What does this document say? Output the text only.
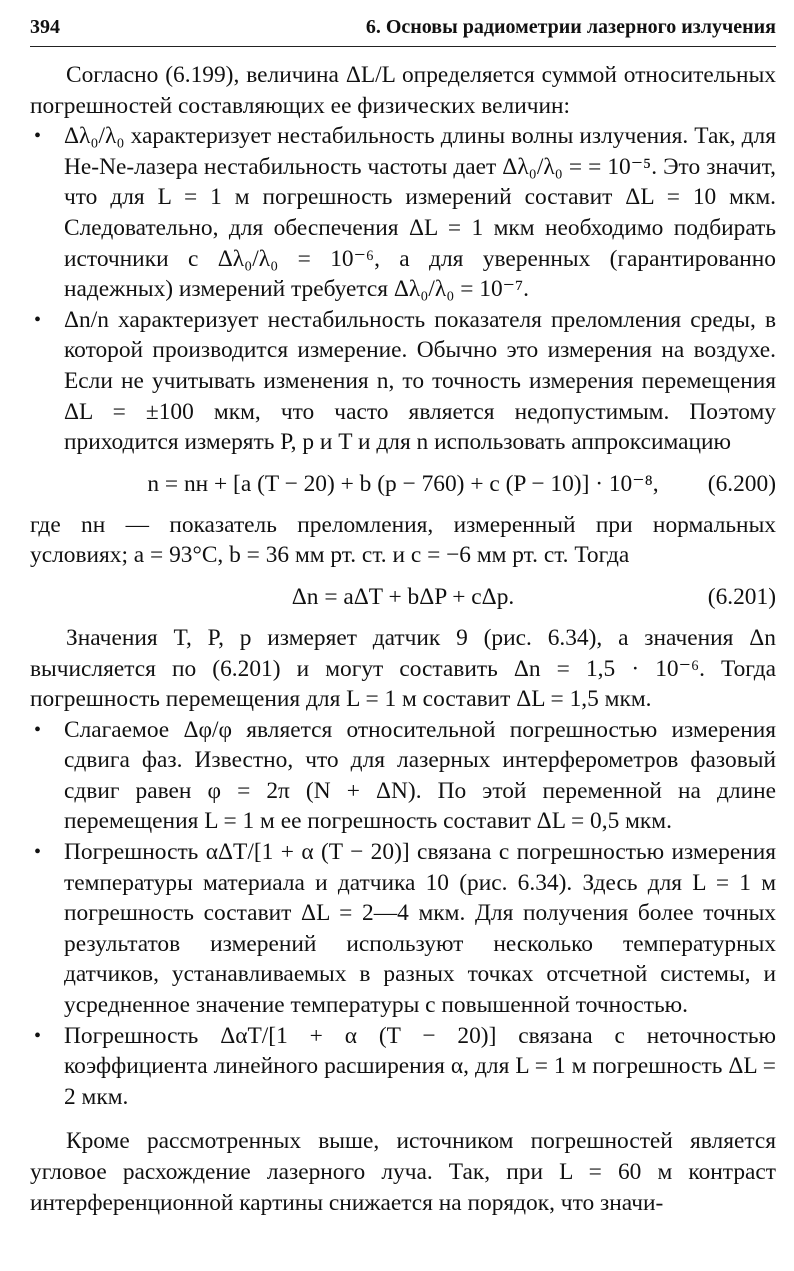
394	6. Основы радиометрии лазерного излучения

Согласно (6.199), величина ΔL/L определяется суммой относительных погрешностей составляющих ее физических величин:

• Δλ₀/λ₀ характеризует нестабильность длины волны излучения. Так, для He-Ne-лазера нестабильность частоты дает Δλ₀/λ₀ = = 10⁻⁵. Это значит, что для L = 1 м погрешность измерений составит ΔL = 10 мкм. Следовательно, для обеспечения ΔL = 1 мкм необходимо подбирать источники с Δλ₀/λ₀ = 10⁻⁶, а для уверенных (гарантированно надежных) измерений требуется Δλ₀/λ₀ = 10⁻⁷.
• Δn/n характеризует нестабильность показателя преломления среды, в которой производится измерение. Обычно это измерения на воздухе. Если не учитывать изменения n, то точность измерения перемещения ΔL = ±100 мкм, что часто является недопустимым. Поэтому приходится измерять P, p и T и для n использовать аппроксимацию
n = nн + [a (T − 20) + b (p − 760) + c (P − 10)] · 10⁻⁸, (6.200)

где nн — показатель преломления, измеренный при нормальных условиях; a = 93°C, b = 36 мм рт. ст. и c = −6 мм рт. ст. Тогда

Δn = aΔT + bΔP + cΔp.	(6.201)

Значения T, P, p измеряет датчик 9 (рис. 6.34), а значения Δn вычисляется по (6.201) и могут составить Δn = 1,5 · 10⁻⁶. Тогда погрешность перемещения для L = 1 м составит ΔL = 1,5 мкм.

• Слагаемое Δφ/φ является относительной погрешностью измерения сдвига фаз. Известно, что для лазерных интерферометров фазовый сдвиг равен φ = 2π (N + ΔN). По этой переменной на длине перемещения L = 1 м ее погрешность составит ΔL = 0,5 мкм.
• Погрешность αΔT/[1 + α (T − 20)] связана с погрешностью измерения температуры материала и датчика 10 (рис. 6.34). Здесь для L = 1 м погрешность составит ΔL = 2—4 мкм. Для получения более точных результатов измерений используют несколько температурных датчиков, устанавливаемых в разных точках отсчетной системы, и усредненное значение температуры с повышенной точностью.
• Погрешность ΔαT/[1 + α (T − 20)] связана с неточностью коэффициента линейного расширения α, для L = 1 м погрешность ΔL = 2 мкм.

Кроме рассмотренных выше, источником погрешностей является угловое расхождение лазерного луча. Так, при L = 60 м контраст интерференционной картины снижается на порядок, что значи-
